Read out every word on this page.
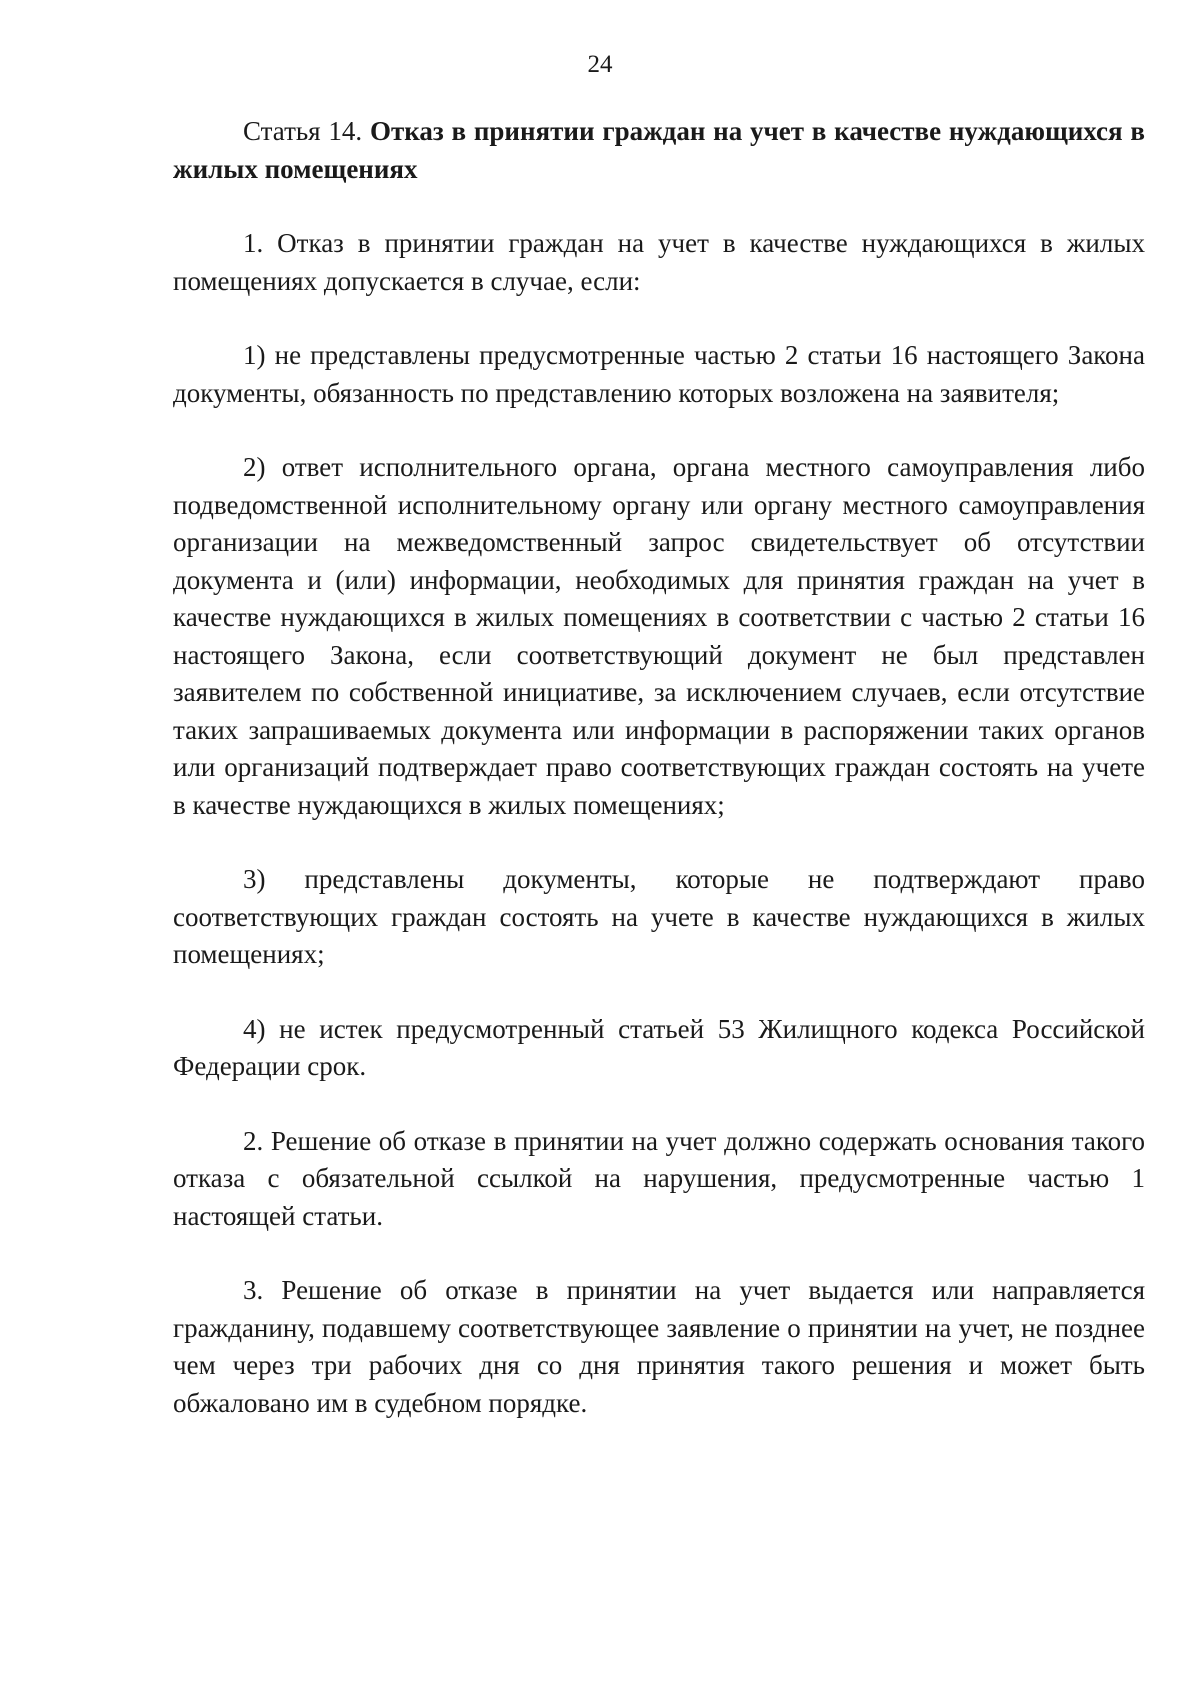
24
Статья 14. Отказ в принятии граждан на учет в качестве нуждающихся в жилых помещениях

1. Отказ в принятии граждан на учет в качестве нуждающихся в жилых помещениях допускается в случае, если:

1) не представлены предусмотренные частью 2 статьи 16 настоящего Закона документы, обязанность по представлению которых возложена на заявителя;

2) ответ исполнительного органа, органа местного самоуправления либо подведомственной исполнительному органу или органу местного самоуправления организации на межведомственный запрос свидетельствует об отсутствии документа и (или) информации, необходимых для принятия граждан на учет в качестве нуждающихся в жилых помещениях в соответствии с частью 2 статьи 16 настоящего Закона, если соответствующий документ не был представлен заявителем по собственной инициативе, за исключением случаев, если отсутствие таких запрашиваемых документа или информации в распоряжении таких органов или организаций подтверждает право соответствующих граждан состоять на учете в качестве нуждающихся в жилых помещениях;

3) представлены документы, которые не подтверждают право соответствующих граждан состоять на учете в качестве нуждающихся в жилых помещениях;

4) не истек предусмотренный статьей 53 Жилищного кодекса Российской Федерации срок.

2. Решение об отказе в принятии на учет должно содержать основания такого отказа с обязательной ссылкой на нарушения, предусмотренные частью 1 настоящей статьи.

3. Решение об отказе в принятии на учет выдается или направляется гражданину, подавшему соответствующее заявление о принятии на учет, не позднее чем через три рабочих дня со дня принятия такого решения и может быть обжаловано им в судебном порядке.
